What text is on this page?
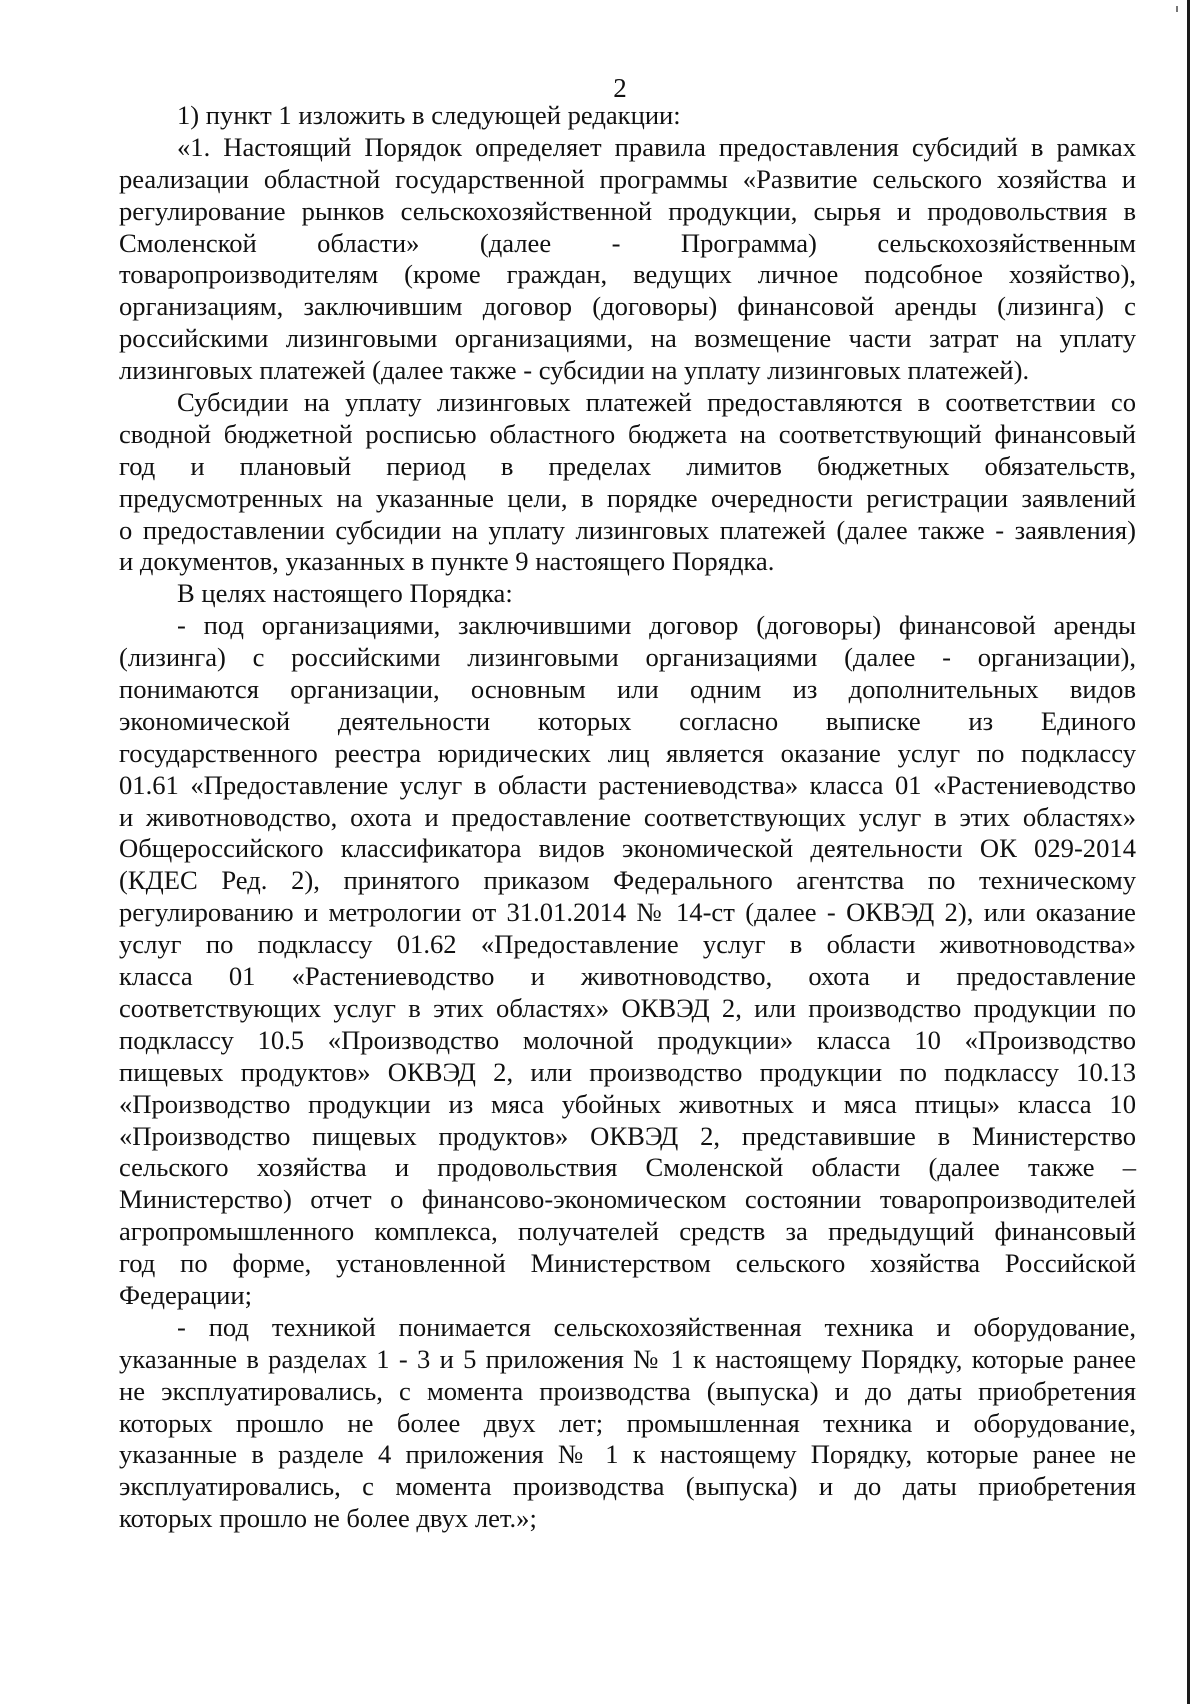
2
1) пункт 1 изложить в следующей редакции:
«1. Настоящий Порядок определяет правила предоставления субсидий в рамках
реализации областной государственной программы «Развитие сельского хозяйства и
регулирование рынков сельскохозяйственной продукции, сырья и продовольствия в
Смоленской области» (далее - Программа) сельскохозяйственным
товаропроизводителям (кроме граждан, ведущих личное подсобное хозяйство),
организациям, заключившим договор (договоры) финансовой аренды (лизинга) с
российскими лизинговыми организациями, на возмещение части затрат на уплату
лизинговых платежей (далее также - субсидии на уплату лизинговых платежей).
Субсидии на уплату лизинговых платежей предоставляются в соответствии со
сводной бюджетной росписью областного бюджета на соответствующий финансовый
год и плановый период в пределах лимитов бюджетных обязательств,
предусмотренных на указанные цели, в порядке очередности регистрации заявлений
о предоставлении субсидии на уплату лизинговых платежей (далее также - заявления)
и документов, указанных в пункте 9 настоящего Порядка.
В целях настоящего Порядка:
- под организациями, заключившими договор (договоры) финансовой аренды
(лизинга) с российскими лизинговыми организациями (далее - организации),
понимаются организации, основным или одним из дополнительных видов
экономической деятельности которых согласно выписке из Единого
государственного реестра юридических лиц является оказание услуг по подклассу
01.61 «Предоставление услуг в области растениеводства» класса 01 «Растениеводство
и животноводство, охота и предоставление соответствующих услуг в этих областях»
Общероссийского классификатора видов экономической деятельности ОК 029-2014
(КДЕС Ред. 2), принятого приказом Федерального агентства по техническому
регулированию и метрологии от 31.01.2014 № 14-ст (далее - ОКВЭД 2), или оказание
услуг по подклассу 01.62 «Предоставление услуг в области животноводства»
класса 01 «Растениеводство и животноводство, охота и предоставление
соответствующих услуг в этих областях» ОКВЭД 2, или производство продукции по
подклассу 10.5 «Производство молочной продукции» класса 10 «Производство
пищевых продуктов» ОКВЭД 2, или производство продукции по подклассу 10.13
«Производство продукции из мяса убойных животных и мяса птицы» класса 10
«Производство пищевых продуктов» ОКВЭД 2, представившие в Министерство
сельского хозяйства и продовольствия Смоленской области (далее также –
Министерство) отчет о финансово-экономическом состоянии товаропроизводителей
агропромышленного комплекса, получателей средств за предыдущий финансовый
год по форме, установленной Министерством сельского хозяйства Российской
Федерации;
- под техникой понимается сельскохозяйственная техника и оборудование,
указанные в разделах 1 - 3 и 5 приложения № 1 к настоящему Порядку, которые ранее
не эксплуатировались, с момента производства (выпуска) и до даты приобретения
которых прошло не более двух лет; промышленная техника и оборудование,
указанные в разделе 4 приложения № 1 к настоящему Порядку, которые ранее не
эксплуатировались, с момента производства (выпуска) и до даты приобретения
которых прошло не более двух лет.»;
